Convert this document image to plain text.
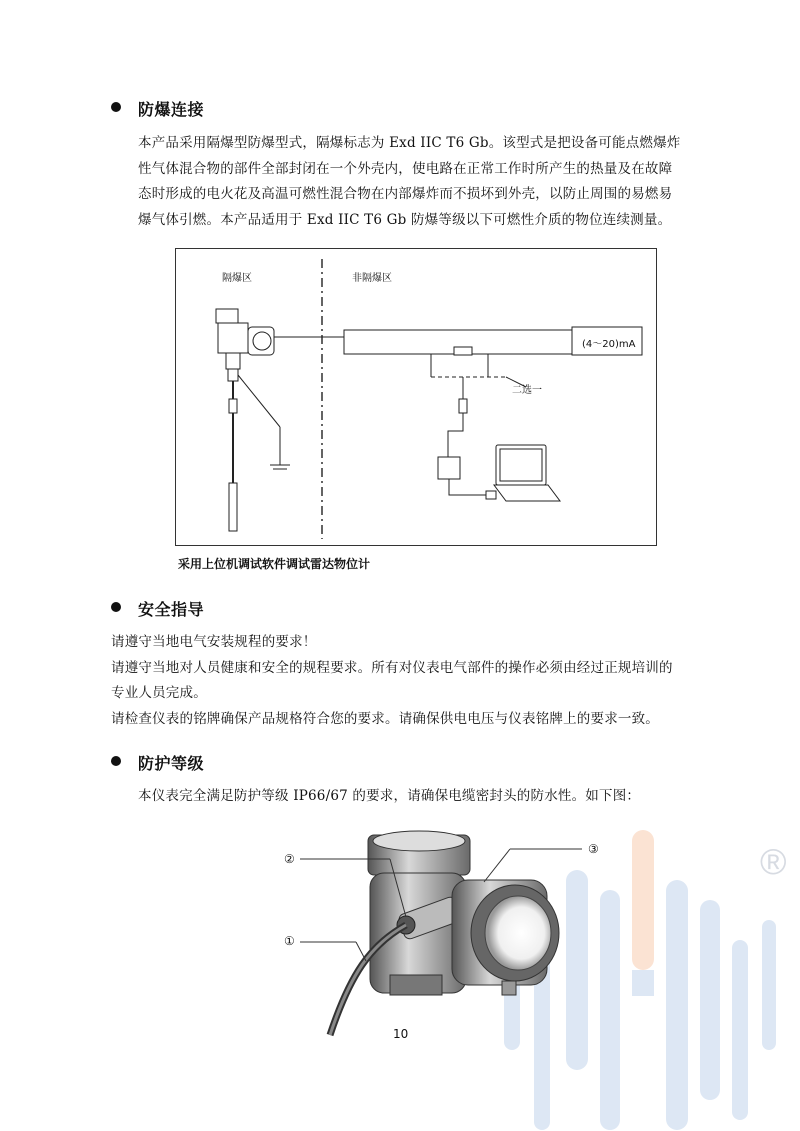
防爆连接
本产品采用隔爆型防爆型式，隔爆标志为 Exd IIC T6 Gb。该型式是把设备可能点燃爆炸
性气体混合物的部件全部封闭在一个外壳内，使电路在正常工作时所产生的热量及在故障
态时形成的电火花及高温可燃性混合物在内部爆炸而不损坏到外壳，以防止周围的易燃易
爆气体引燃。本产品适用于 Exd IIC T6 Gb 防爆等级以下可燃性介质的物位连续测量。
隔爆区	非隔爆区
(4～20)mA
二选一
采用上位机调试软件调试雷达物位计
安全指导
请遵守当地电气安装规程的要求！
请遵守当地对人员健康和安全的规程要求。所有对仪表电气部件的操作必须由经过正规培训的
专业人员完成。
请检查仪表的铭牌确保产品规格符合您的要求。请确保供电电压与仪表铭牌上的要求一致。
防护等级
本仪表完全满足防护等级 IP66/67 的要求，请确保电缆密封头的防水性。如下图：
®
①
②
③
10
